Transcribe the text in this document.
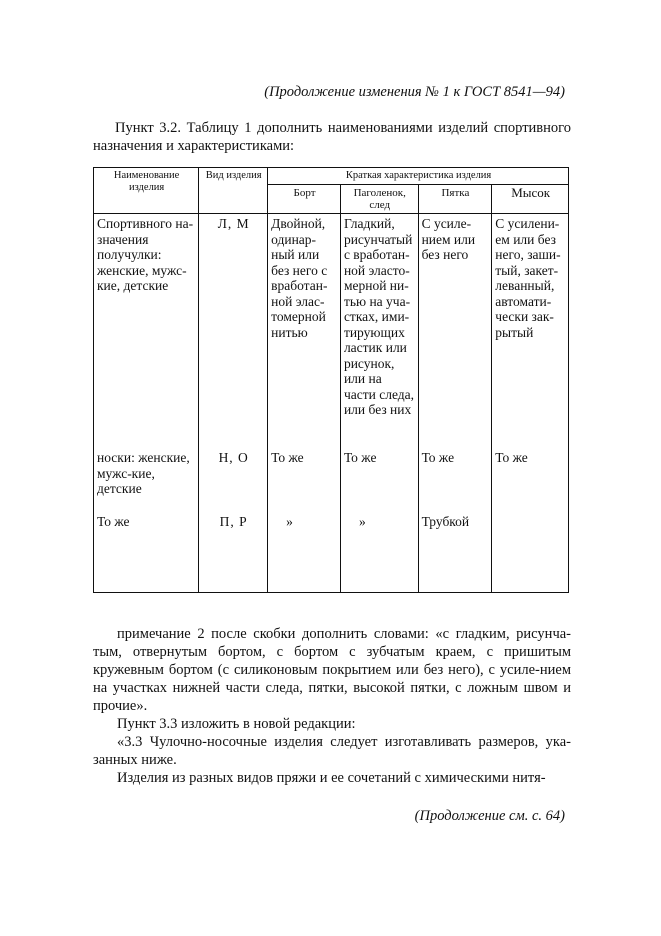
(Продолжение изменения № 1 к ГОСТ 8541—94)
Пункт 3.2. Таблицу 1 дополнить наименованиями изделий спортивного назначения и характеристиками:
Наименование изделия	Вид изделия	Краткая характеристика изделия			
		Борт	Паголенок, след	Пятка	Мысок
Спортивного на-значения получулки: женские, мужс-кие, детские	Л, М	Двойной, одинар-ный или без него с вработан-ной элас-томерной нитью	Гладкий, рисунчатый с вработан-ной эласто-мерной ни-тью на уча-стках, ими-тирующих ластик или рисунок, или на части следа, или без них	С усиле-нием или без него	С усилени-ем или без него, заши-тый, закет-леванный, автомати-чески зак-рытый
носки: женские, мужс-кие, детские	Н, О	То же	То же	То же	То же
То же	П, Р	»	»	Трубкой	

примечание 2 после скобки дополнить словами: «с гладким, рисунча-тым, отвернутым бортом, с бортом с зубчатым краем, с пришитым кружевным бортом (с силиконовым покрытием или без него), с усиле-нием на участках нижней части следа, пятки, высокой пятки, с ложным швом и прочие».

Пункт 3.3 изложить в новой редакции:

«3.3 Чулочно-носочные изделия следует изготавливать размеров, ука-занных ниже.

Изделия из разных видов пряжи и ее сочетаний с химическими нитя-

(Продолжение см. с. 64)
